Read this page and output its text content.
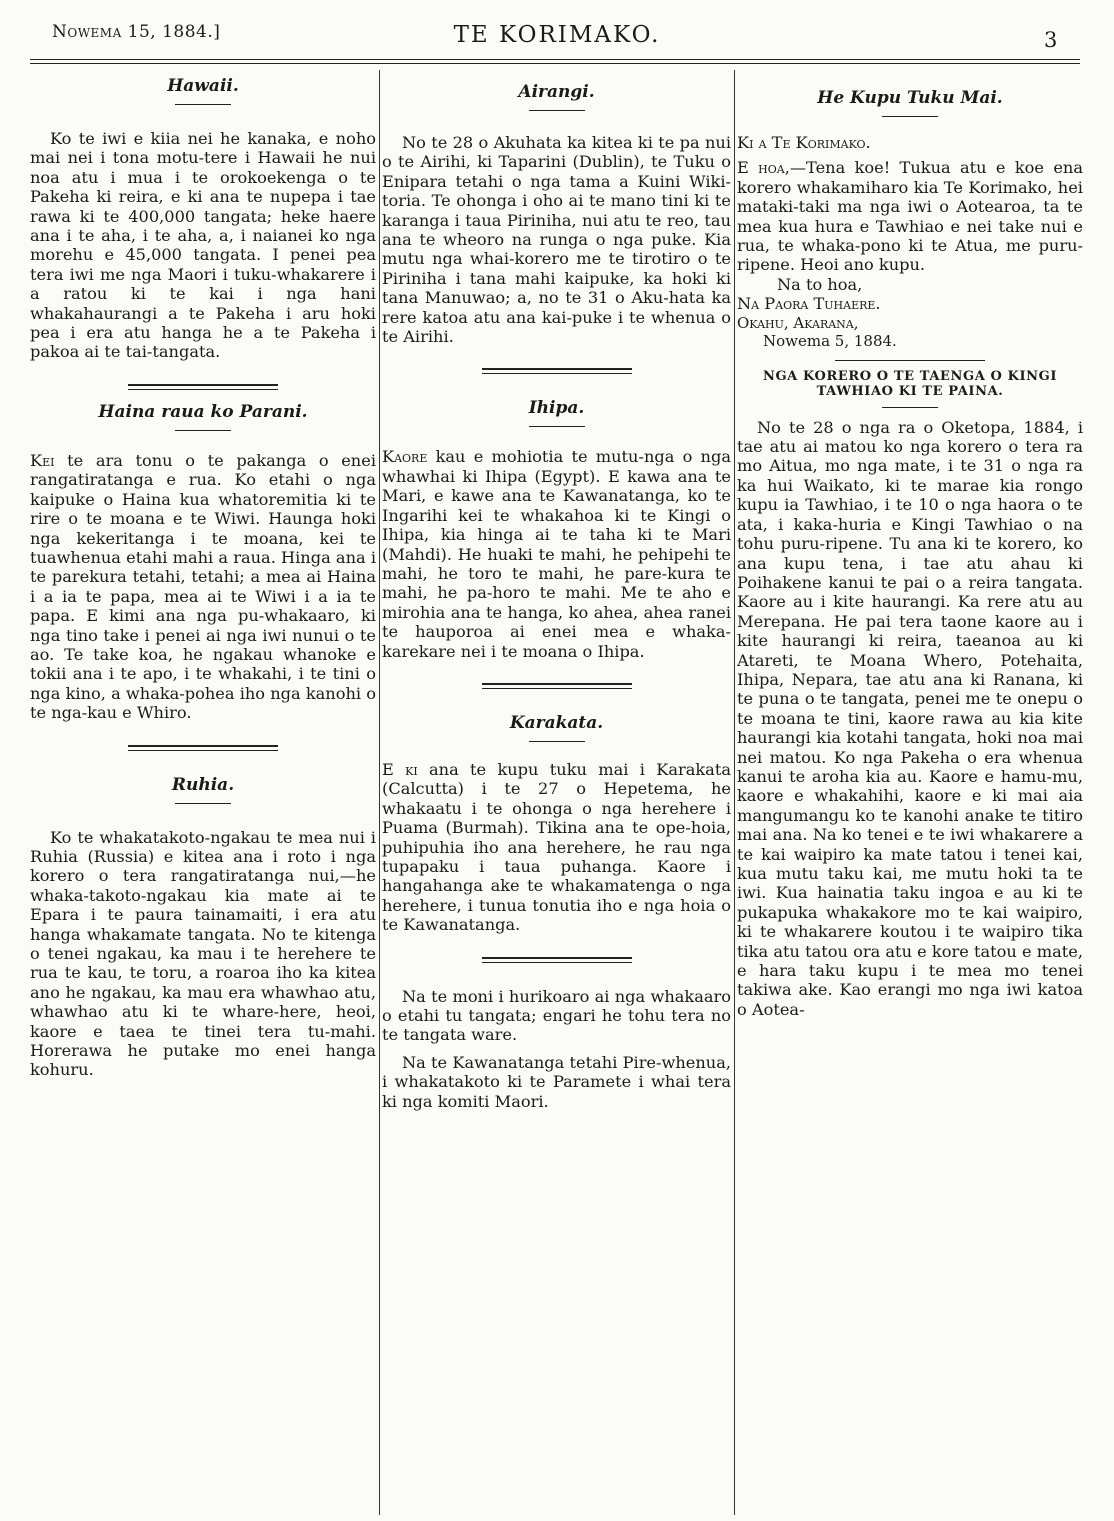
Nowema 15, 1884.]	TE KORIMAKO.	3
Hawaii.

Ko te iwi e kiia nei he kanaka, e noho mai nei i tona motu-tere i Hawaii he nui noa atu i mua i te orokoekenga o te Pakeha ki reira, e ki ana te nupepa i tae rawa ki te 400,000 tangata; heke haere ana i te aha, i te aha, a, i naianei ko nga morehu e 45,000 tangata. I penei pea tera iwi me nga Maori i tuku-whakarere i a ratou ki te kai i nga hani whakahaurangi a te Pakeha i aru hoki pea i era atu hanga he a te Pakeha i pakoa ai te tai-tangata.

Haina raua ko Parani.

Kei te ara tonu o te pakanga o enei rangatiratanga e rua. Ko etahi o nga kaipuke o Haina kua whatoremitia ki te rire o te moana e te Wiwi. Haunga hoki nga kekeritanga i te moana, kei te tuawhenua etahi mahi a raua. Hinga ana i te parekura tetahi, tetahi; a mea ai Haina i a ia te papa, mea ai te Wiwi i a ia te papa. E kimi ana nga pu-whakaaro, ki nga tino take i penei ai nga iwi nunui o te ao. Te take koa, he ngakau whanoke e tokii ana i te apo, i te whakahi, i te tini o nga kino, a whaka-pohea iho nga kanohi o te nga-kau e Whiro.

Ruhia.

Ko te whakatakoto-ngakau te mea nui i Ruhia (Russia) e kitea ana i roto i nga korero o tera rangatiratanga nui,—he whaka-takoto-ngakau kia mate ai te Epara i te paura tainamaiti, i era atu hanga whakamate tangata. No te kitenga o tenei ngakau, ka mau i te herehere te rua te kau, te toru, a roaroa iho ka kitea ano he ngakau, ka mau era whawhao atu, whawhao atu ki te whare-here, heoi, kaore e taea te tinei tera tu-mahi. Horerawa he putake mo enei hanga kohuru.

Airangi.

No te 28 o Akuhata ka kitea ki te pa nui o te Airihi, ki Taparini (Dublin), te Tuku o Enipara tetahi o nga tama a Kuini Wiki-toria. Te ohonga i oho ai te mano tini ki te karanga i taua Piriniha, nui atu te reo, tau ana te wheoro na runga o nga puke. Kia mutu nga whai-korero me te tirotiro o te Piriniha i tana mahi kaipuke, ka hoki ki tana Manuwao; a, no te 31 o Aku-hata ka rere katoa atu ana kai-puke i te whenua o te Airihi.

Ihipa.

Kaore kau e mohiotia te mutu-nga o nga whawhai ki Ihipa (Egypt). E kawa ana te Mari, e kawe ana te Kawanatanga, ko te Ingarihi kei te whakahoa ki te Kingi o Ihipa, kia hinga ai te taha ki te Mari (Mahdi). He huaki te mahi, he pehipehi te mahi, he toro te mahi, he pare-kura te mahi, he pa-horo te mahi. Me te aho e mirohia ana te hanga, ko ahea, ahea ranei te hauporoa ai enei mea e whaka-karekare nei i te moana o Ihipa.

Karakata.

E ki ana te kupu tuku mai i Karakata (Calcutta) i te 27 o Hepetema, he whakaatu i te ohonga o nga herehere i Puama (Burmah). Tikina ana te ope-hoia, puhipuhia iho ana herehere, he rau nga tupapaku i taua puhanga. Kaore i hangahanga ake te whakamatenga o nga herehere, i tunua tonutia iho e nga hoia o te Kawanatanga.

Na te moni i hurikoaro ai nga whakaaro o etahi tu tangata; engari he tohu tera no te tangata ware.

Na te Kawanatanga tetahi Pire-whenua, i whakatakoto ki te Paramete i whai tera ki nga komiti Maori.

He Kupu Tuku Mai.

Ki a Te Korimako.

E hoa,—Tena koe! Tukua atu e koe ena korero whakamiharo kia Te Korimako, hei mataki-taki ma nga iwi o Aotearoa, ta te mea kua hura e Tawhiao e nei take nui e rua, te whaka-pono ki te Atua, me puru-ripene. Heoi ano kupu.

Na to hoa,

Na Paora Tuhaere.

Okahu, Akarana,

Nowema 5, 1884.

NGA KORERO O TE TAENGA O KINGI TAWHIAO KI TE PAINA.

No te 28 o nga ra o Oketopa, 1884, i tae atu ai matou ko nga korero o tera ra mo Aitua, mo nga mate, i te 31 o nga ra ka hui Waikato, ki te marae kia rongo kupu ia Tawhiao, i te 10 o nga haora o te ata, i kaka-huria e Kingi Tawhiao o na tohu puru-ripene. Tu ana ki te korero, ko ana kupu tena, i tae atu ahau ki Poihakene kanui te pai o a reira tangata. Kaore au i kite haurangi. Ka rere atu au Merepana. He pai tera taone kaore au i kite haurangi ki reira, taeanoa au ki Atareti, te Moana Whero, Potehaita, Ihipa, Nepara, tae atu ana ki Ranana, ki te puna o te tangata, penei me te onepu o te moana te tini, kaore rawa au kia kite haurangi kia kotahi tangata, hoki noa mai nei matou. Ko nga Pakeha o era whenua kanui te aroha kia au. Kaore e hamu-mu, kaore e whakahihi, kaore e ki mai aia mangumangu ko te kanohi anake te titiro mai ana. Na ko tenei e te iwi whakarere a te kai waipiro ka mate tatou i tenei kai, kua mutu taku kai, me mutu hoki ta te iwi. Kua hainatia taku ingoa e au ki te pukapuka whakakore mo te kai waipiro, ki te whakarere koutou i te waipiro tika tika atu tatou ora atu e kore tatou e mate, e hara taku kupu i te mea mo tenei takiwa ake. Kao erangi mo nga iwi katoa o Aotea-
